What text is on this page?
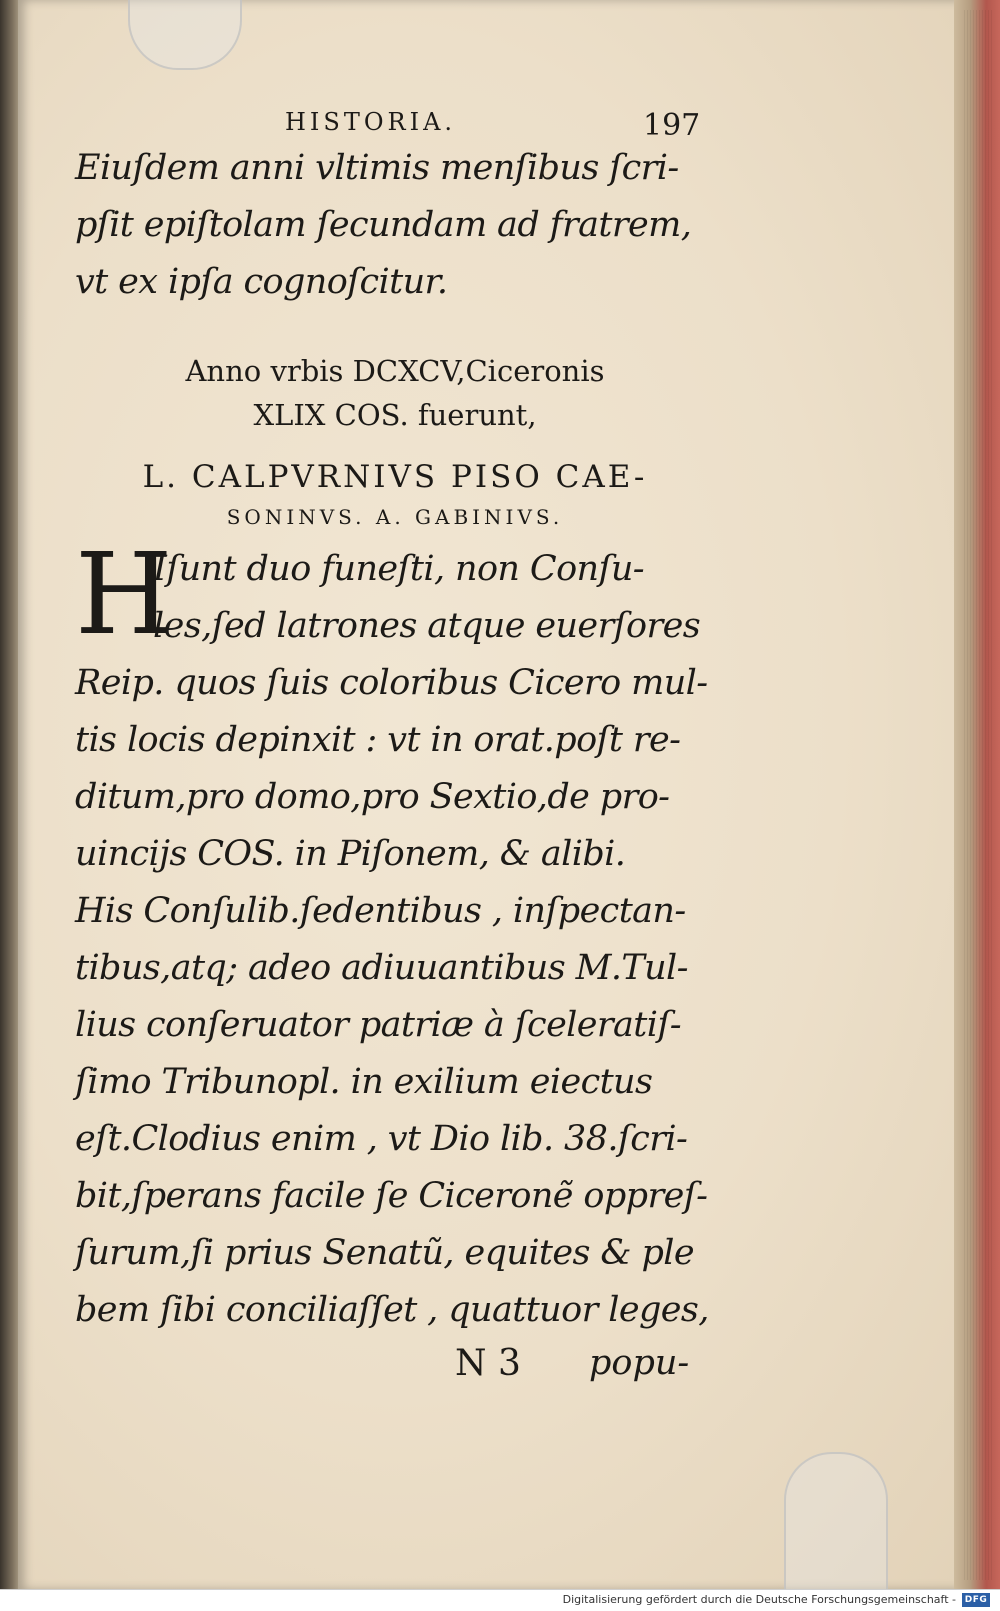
HISTORIA.	197
Eiuſdem anni vltimis menſibus ſcri-
pſit epiſtolam ſecundam ad fratrem,
vt ex ipſa cognoſcitur.
Anno vrbis DCXCV,Ciceronis
XLIX COS. fuerunt,
L. CALPVRNIVS PISO CAE-
SONINVS. A. GABINIVS.
H
Iſunt duo funeſti, non Conſu-
les,ſed latrones atque euerſores
Reip. quos ſuis coloribus Cicero mul-
tis locis depinxit : vt in orat.poſt re-
ditum,pro domo,pro Sextio,de pro-
uincijs COS. in Piſonem, & alibi.
His Conſulib.ſedentibus , inſpectan-
tibus,atq; adeo adiuuantibus M.Tul-
lius conſeruator patriæ à ſceleratiſ-
ſimo Tribunopl. in exilium eiectus
eſt.Clodius enim , vt Dio lib. 38.ſcri-
bit,ſperans facile ſe Ciceronẽ oppreſ-
ſurum,ſi prius Senatũ, equites & ple
bem ſibi conciliaſſet , quattuor leges,
N 3 popu-
Digitalisierung gefördert durch die Deutsche Forschungsgemeinschaft - DFG
